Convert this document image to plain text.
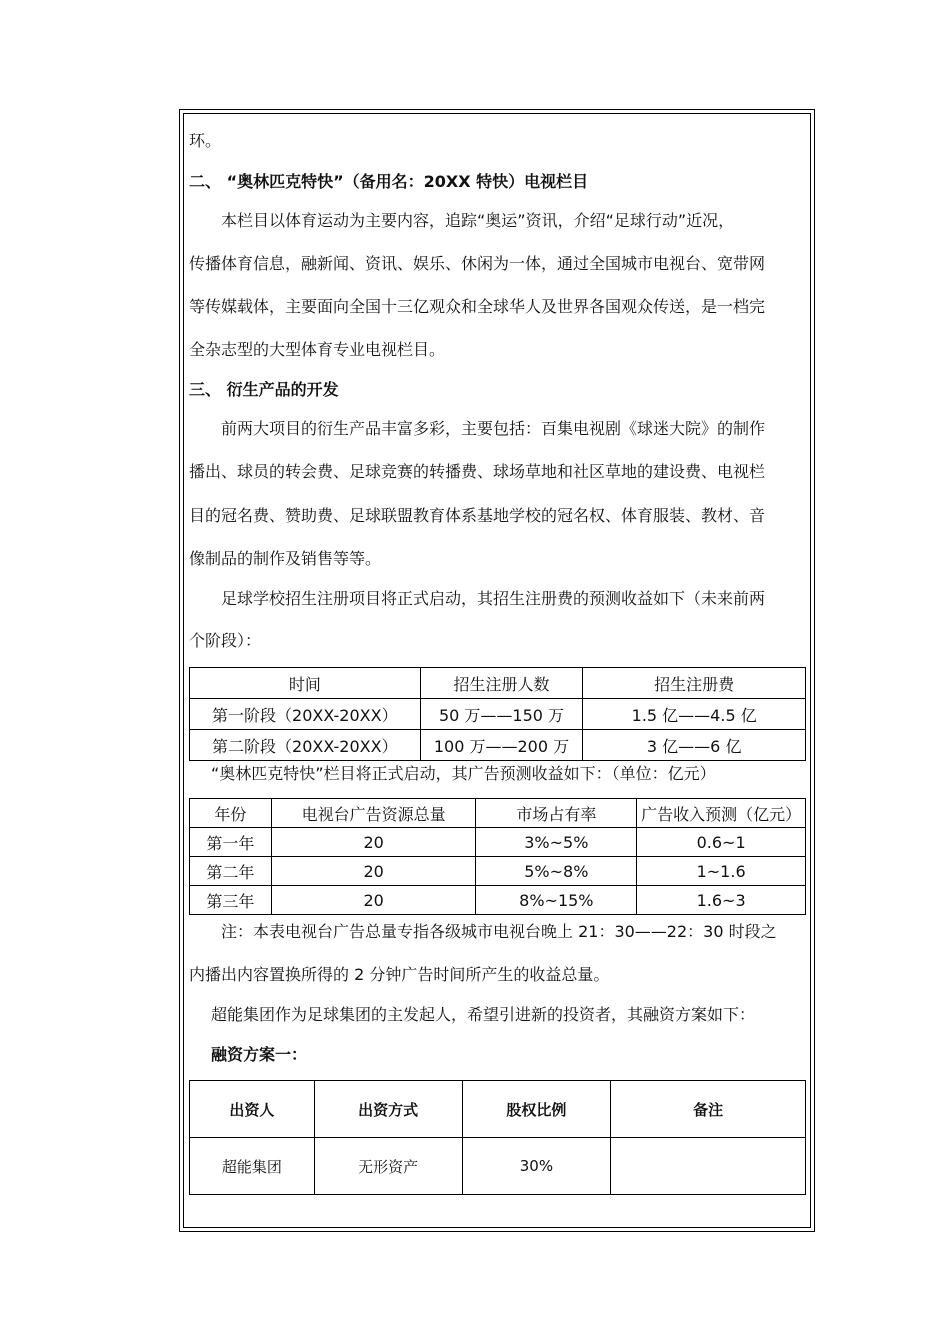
环。
二、 “奥林匹克特快”（备用名：20XX 特快）电视栏目
本栏目以体育运动为主要内容，追踪“奥运”资讯，介绍“足球行动”近况，
传播体育信息，融新闻、资讯、娱乐、休闲为一体，通过全国城市电视台、宽带网
等传媒载体，主要面向全国十三亿观众和全球华人及世界各国观众传送，是一档完
全杂志型的大型体育专业电视栏目。
三、 衍生产品的开发
前两大项目的衍生产品丰富多彩，主要包括：百集电视剧《球迷大院》的制作
播出、球员的转会费、足球竞赛的转播费、球场草地和社区草地的建设费、电视栏
目的冠名费、赞助费、足球联盟教育体系基地学校的冠名权、体育服装、教材、音
像制品的制作及销售等等。
足球学校招生注册项目将正式启动，其招生注册费的预测收益如下（未来前两
个阶段）：
时间	招生注册人数	招生注册费
第一阶段（20XX-20XX）	50 万——150 万	1.5 亿——4.5 亿
第二阶段（20XX-20XX）	100 万——200 万	3 亿——6 亿
“奥林匹克特快”栏目将正式启动，其广告预测收益如下：（单位：亿元）
年份	电视台广告资源总量	市场占有率	广告收入预测（亿元）
第一年	20	3%~5%	0.6~1
第二年	20	5%~8%	1~1.6
第三年	20	8%~15%	1.6~3
注：本表电视台广告总量专指各级城市电视台晚上 21：30——22：30 时段之
内播出内容置换所得的 2 分钟广告时间所产生的收益总量。
超能集团作为足球集团的主发起人，希望引进新的投资者，其融资方案如下：
融资方案一：
出资人	出资方式	股权比例	备注
超能集团	无形资产	30%	
